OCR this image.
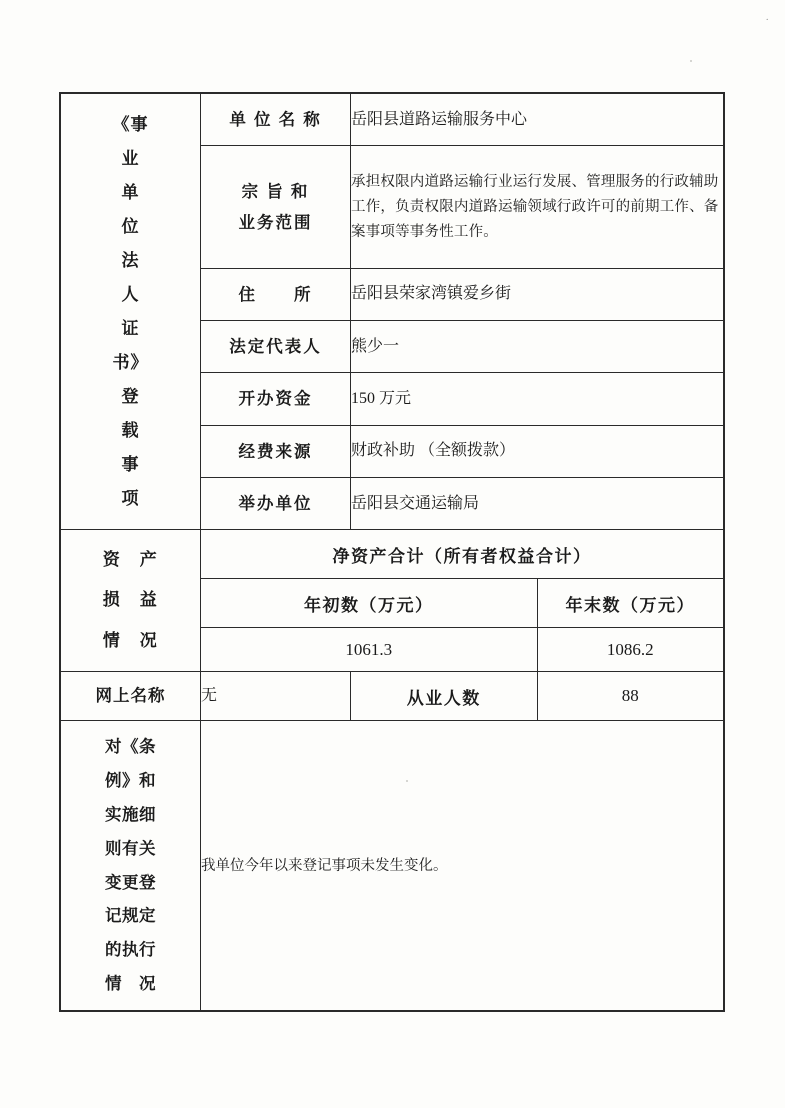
·
《事
业
单
位
法
人
证
书》
登
载
事
项

单 位 名 称	岳阳县道路运输服务中心

	宗 旨 和
业务范围	承担权限内道路运输行业运行发展、管理服务的行政辅助工作，负责权限内道路运输领域行政许可的前期工作、备案事项等事务性工作。	

	住　　所	岳阳县荣家湾镇爱乡街	

	法定代表人	熊少一	

	开办资金	150 万元	

	经费来源	财政补助 （全额拨款）	

	举办单位	岳阳县交通运输局	

资　产
损　益
情　况	净资产合计（所有者权益合计）		
	年初数（万元）		年末数（万元）
	1061.3		1086.2
网上名称	无	从业人数	88

对《条
例》和
实施细
则有关
变更登
记规定
的执行
情　况
	我单位今年以来登记事项未发生变化。
